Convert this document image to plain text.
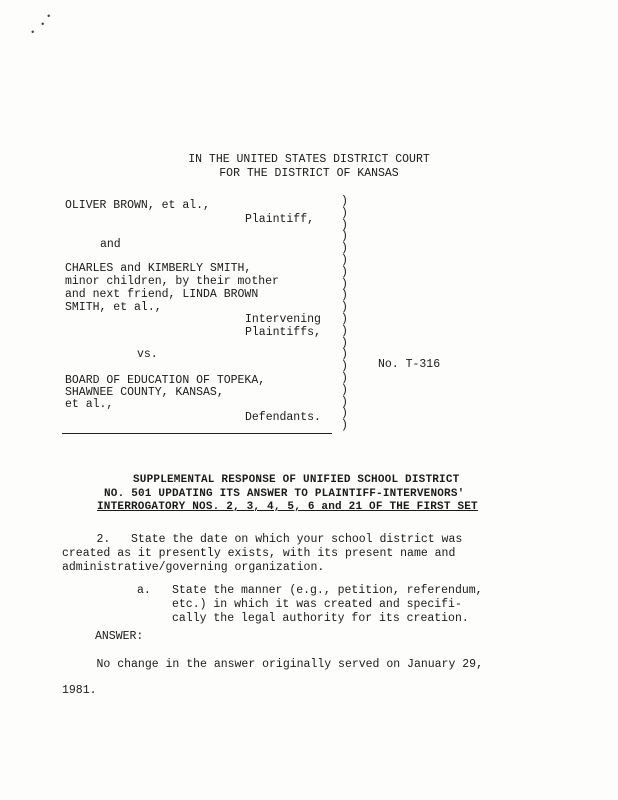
•
•
•
IN THE UNITED STATES DISTRICT COURT
FOR THE DISTRICT OF KANSAS
OLIVER BROWN, et al.,
Plaintiff,
and
CHARLES and KIMBERLY SMITH,
minor children, by their mother
and next friend, LINDA BROWN
SMITH, et al.,
Intervening
Plaintiffs,
vs.
No. T-316
BOARD OF EDUCATION OF TOPEKA,
SHAWNEE COUNTY, KANSAS,
et al.,
Defendants.
)
)
)
)
)
)
)
)
)
)
)
)
)
)
)
)
)
)
)
)
SUPPLEMENTAL RESPONSE OF UNIFIED SCHOOL DISTRICT
NO. 501 UPDATING ITS ANSWER TO PLAINTIFF-INTERVENORS'
INTERROGATORY NOS. 2, 3, 4, 5, 6 and 21 OF THE FIRST SET
2.   State the date on which your school district was
created as it presently exists, with its present name and
administrative/governing organization.
a. State the manner (e.g., petition, referendum,
etc.) in which it was created and specifi-
cally the legal authority for its creation.
ANSWER:
No change in the answer originally served on January 29,
1981.
